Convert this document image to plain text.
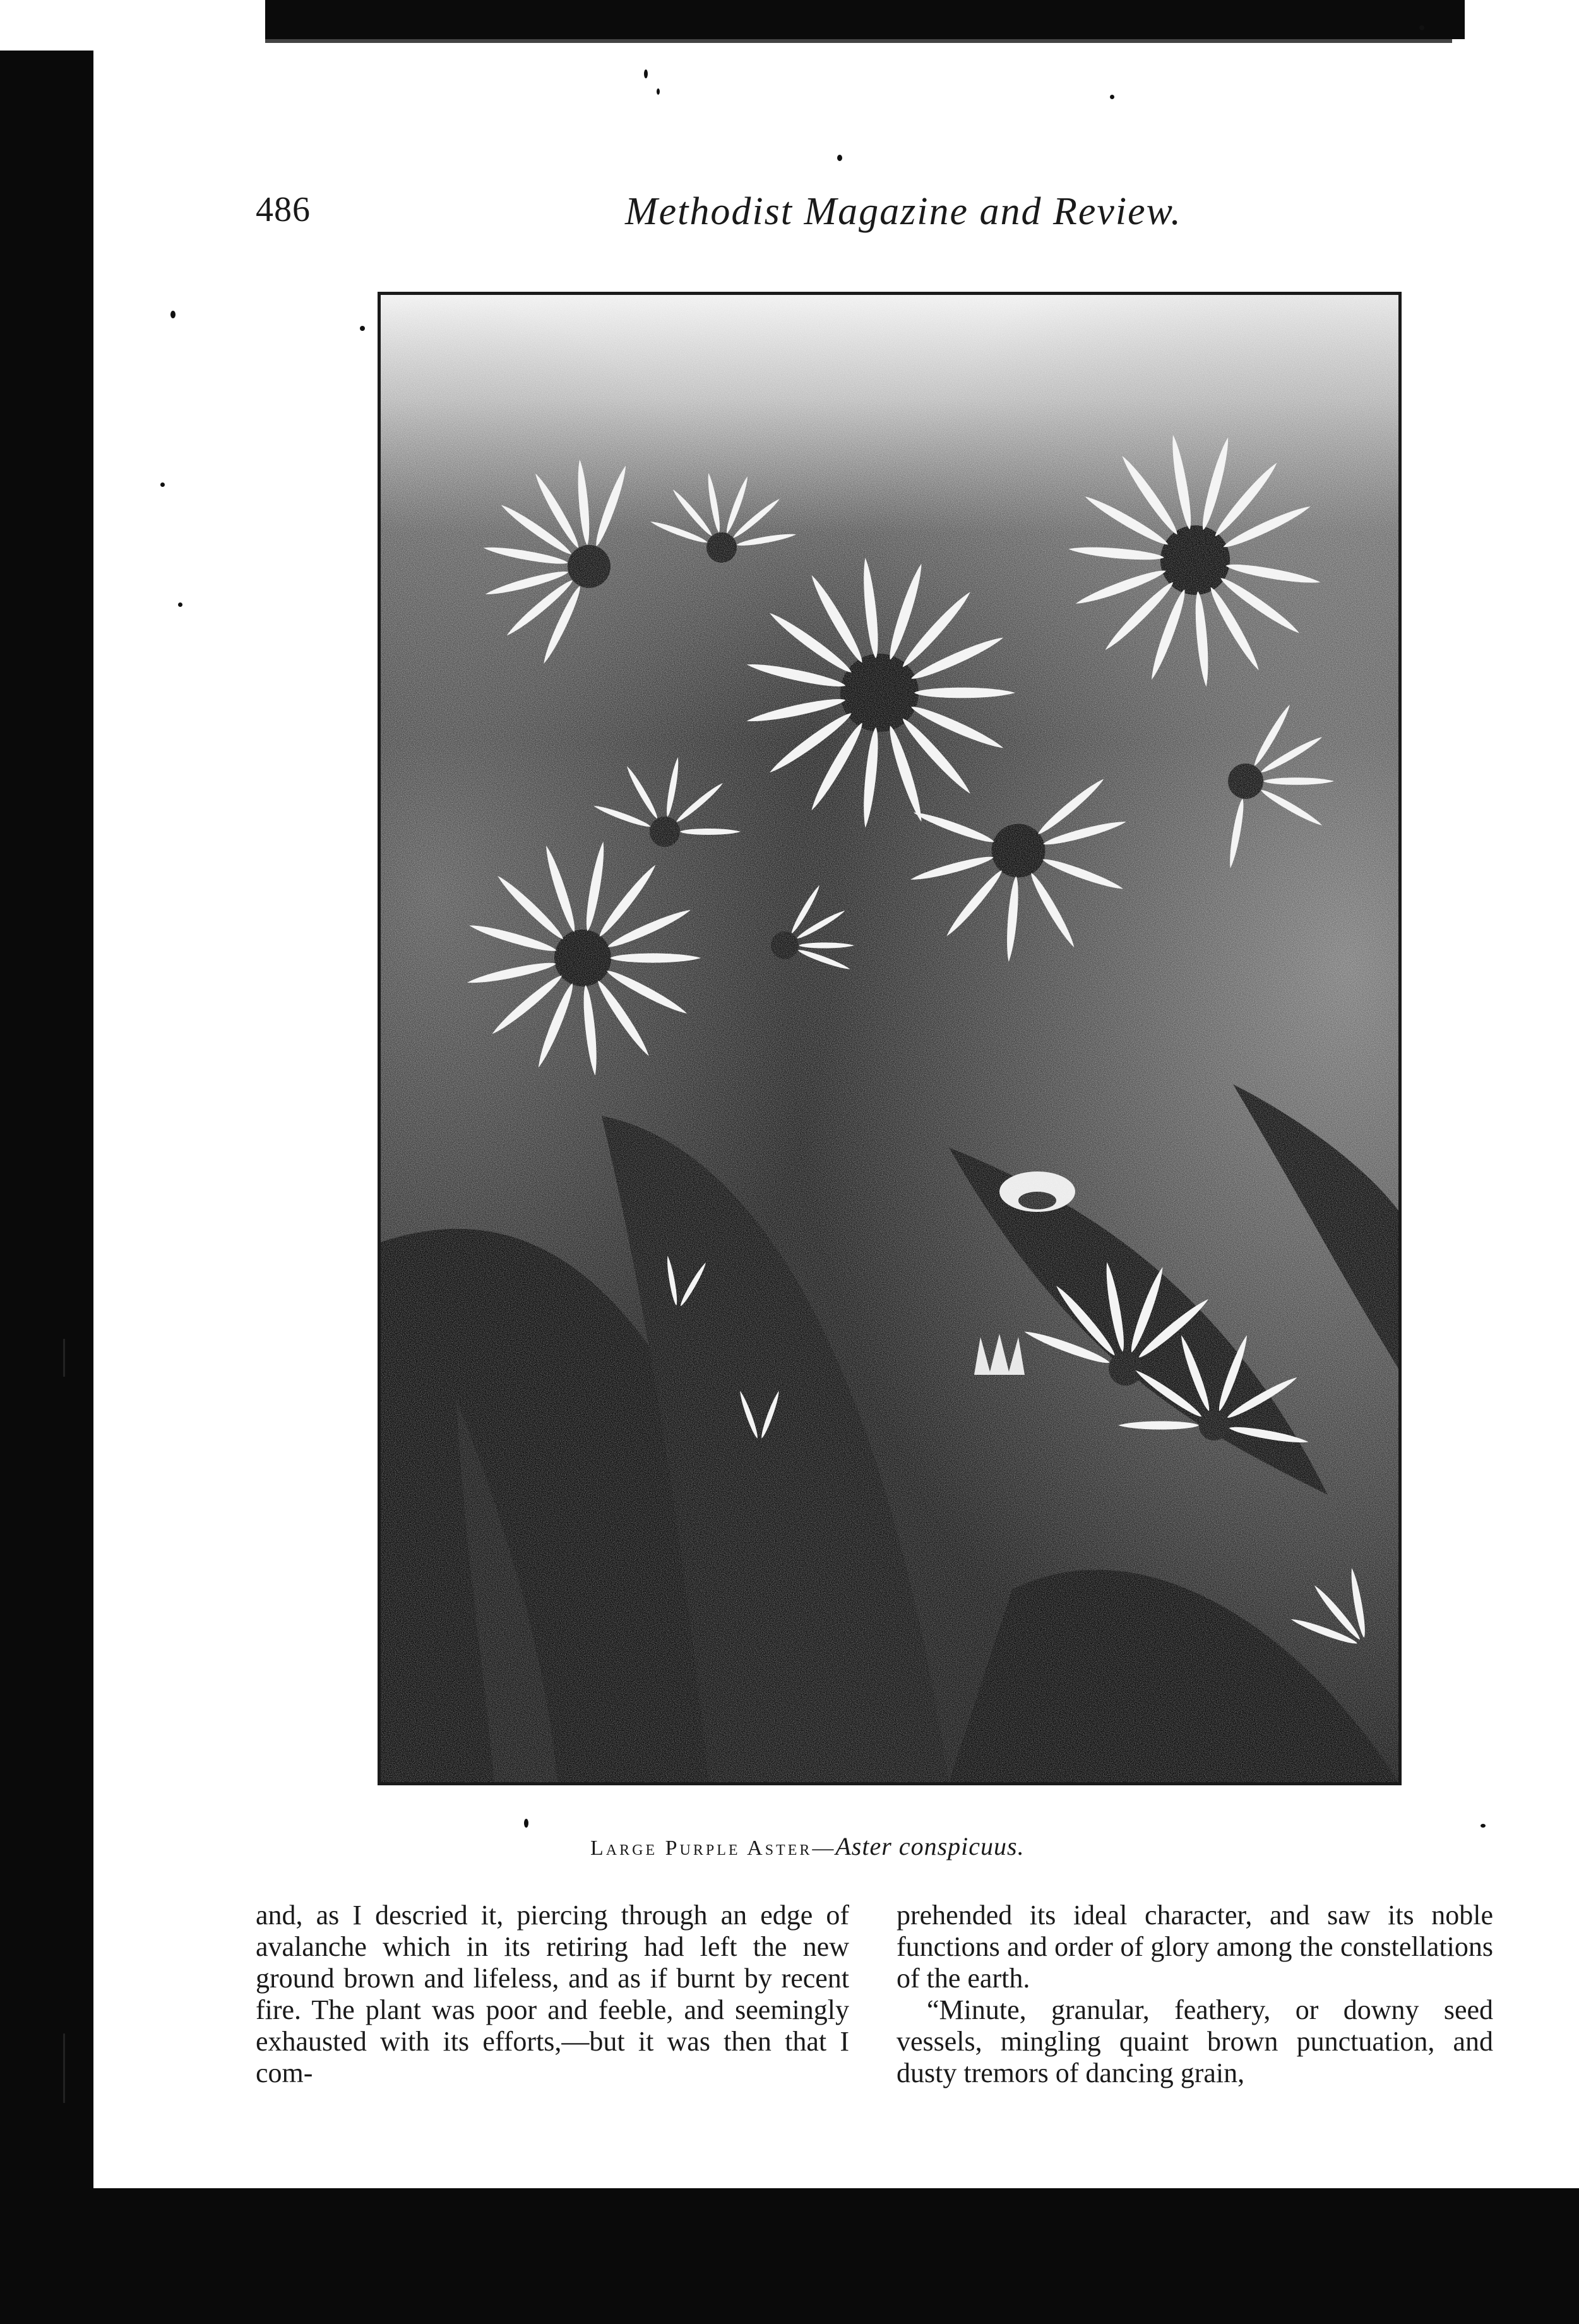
486	Methodist Magazine and Review.
Large Purple Aster—Aster conspicuus.

and, as I descried it, piercing through an edge of avalanche which in its retiring had left the new ground brown and lifeless, and as if burnt by recent fire. The plant was poor and feeble, and seemingly exhausted with its efforts,—but it was then that I com-

prehended its ideal character, and saw its noble functions and order of glory among the constellations of the earth.

“Minute, granular, feathery, or downy seed vessels, mingling quaint brown punctuation, and dusty tremors of dancing grain,
